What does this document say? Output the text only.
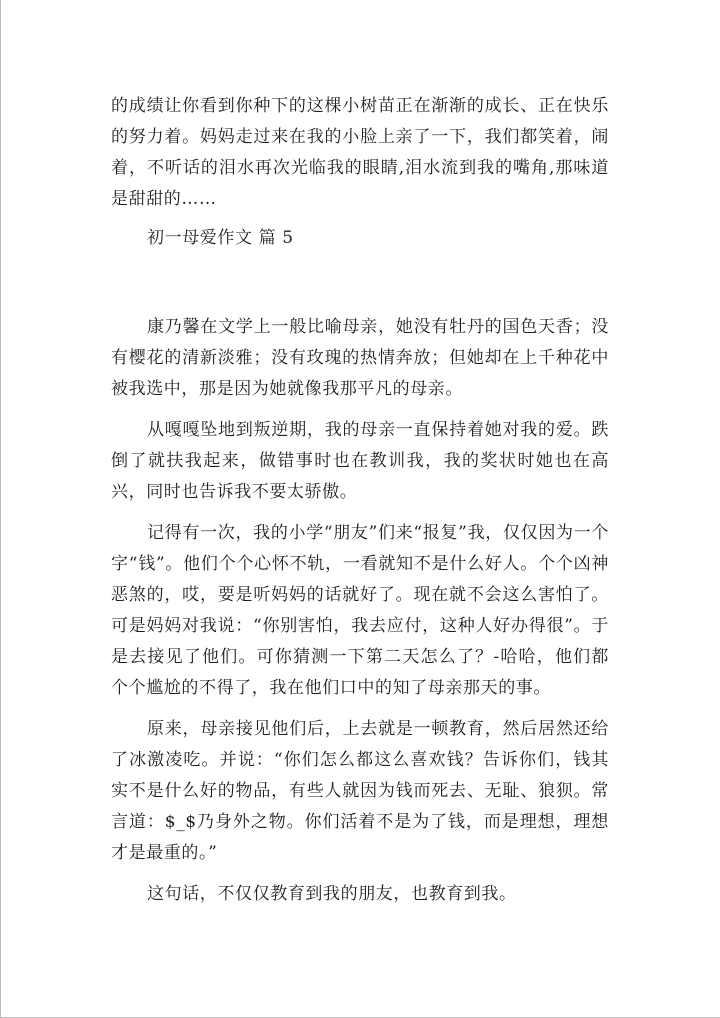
的成绩让你看到你种下的这棵小树苗正在渐渐的成长、正在快乐的努力着。妈妈走过来在我的小脸上亲了一下，我们都笑着，闹着，不听话的泪水再次光临我的眼睛,泪水流到我的嘴角,那味道是甜甜的……

初一母爱作文 篇 5

康乃馨在文学上一般比喻母亲，她没有牡丹的国色天香；没有樱花的清新淡雅；没有玫瑰的热情奔放；但她却在上千种花中被我选中，那是因为她就像我那平凡的母亲。

从嘎嘎坠地到叛逆期，我的母亲一直保持着她对我的爱。跌倒了就扶我起来，做错事时也在教训我，我的奖状时她也在高兴，同时也告诉我不要太骄傲。

记得有一次，我的小学“朋友”们来“报复”我，仅仅因为一个字“钱”。他们个个心怀不轨，一看就知不是什么好人。个个凶神恶煞的，哎，要是听妈妈的话就好了。现在就不会这么害怕了。可是妈妈对我说：“你别害怕，我去应付，这种人好办得很”。于是去接见了他们。可你猜测一下第二天怎么了？-哈哈，他们都个个尴尬的不得了，我在他们口中的知了母亲那天的事。

原来，母亲接见他们后，上去就是一顿教育，然后居然还给了冰激凌吃。并说：“你们怎么都这么喜欢钱？告诉你们，钱其实不是什么好的物品，有些人就因为钱而死去、无耻、狼狈。常言道：$_$乃身外之物。你们活着不是为了钱，而是理想，理想才是最重的。”

这句话，不仅仅教育到我的朋友，也教育到我。
